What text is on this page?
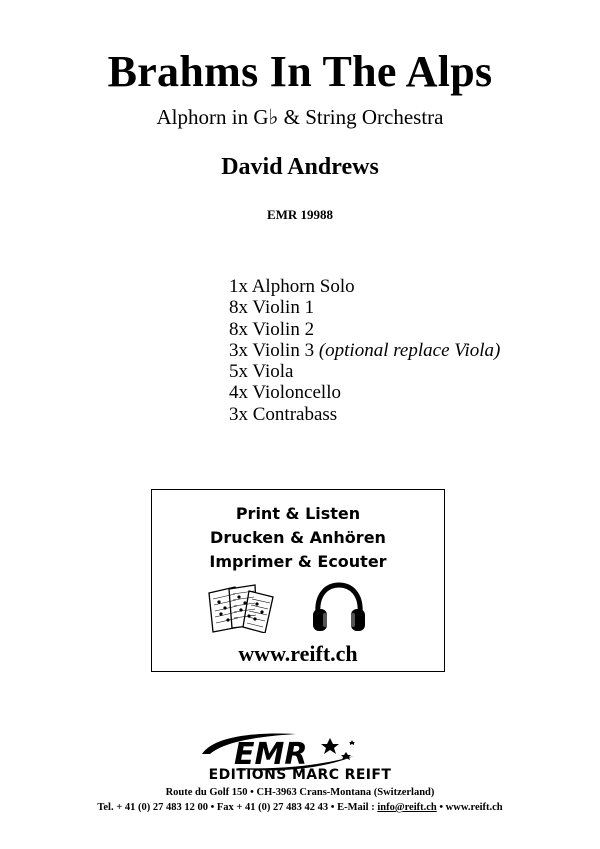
Brahms In The Alps
Alphorn in G♭ & String Orchestra
David Andrews
EMR 19988
1x Alphorn Solo
8x Violin 1
8x Violin 2
3x Violin 3 (optional replace Viola)
5x Viola
4x Violoncello
3x Contrabass
Print & Listen
Drucken & Anhören
Imprimer & Ecouter
www.reift.ch
EMR
EDITIONS MARC REIFT
Route du Golf 150 • CH-3963 Crans-Montana (Switzerland)
Tel. + 41 (0) 27 483 12 00 • Fax + 41 (0) 27 483 42 43 • E-Mail : info@reift.ch • www.reift.ch
